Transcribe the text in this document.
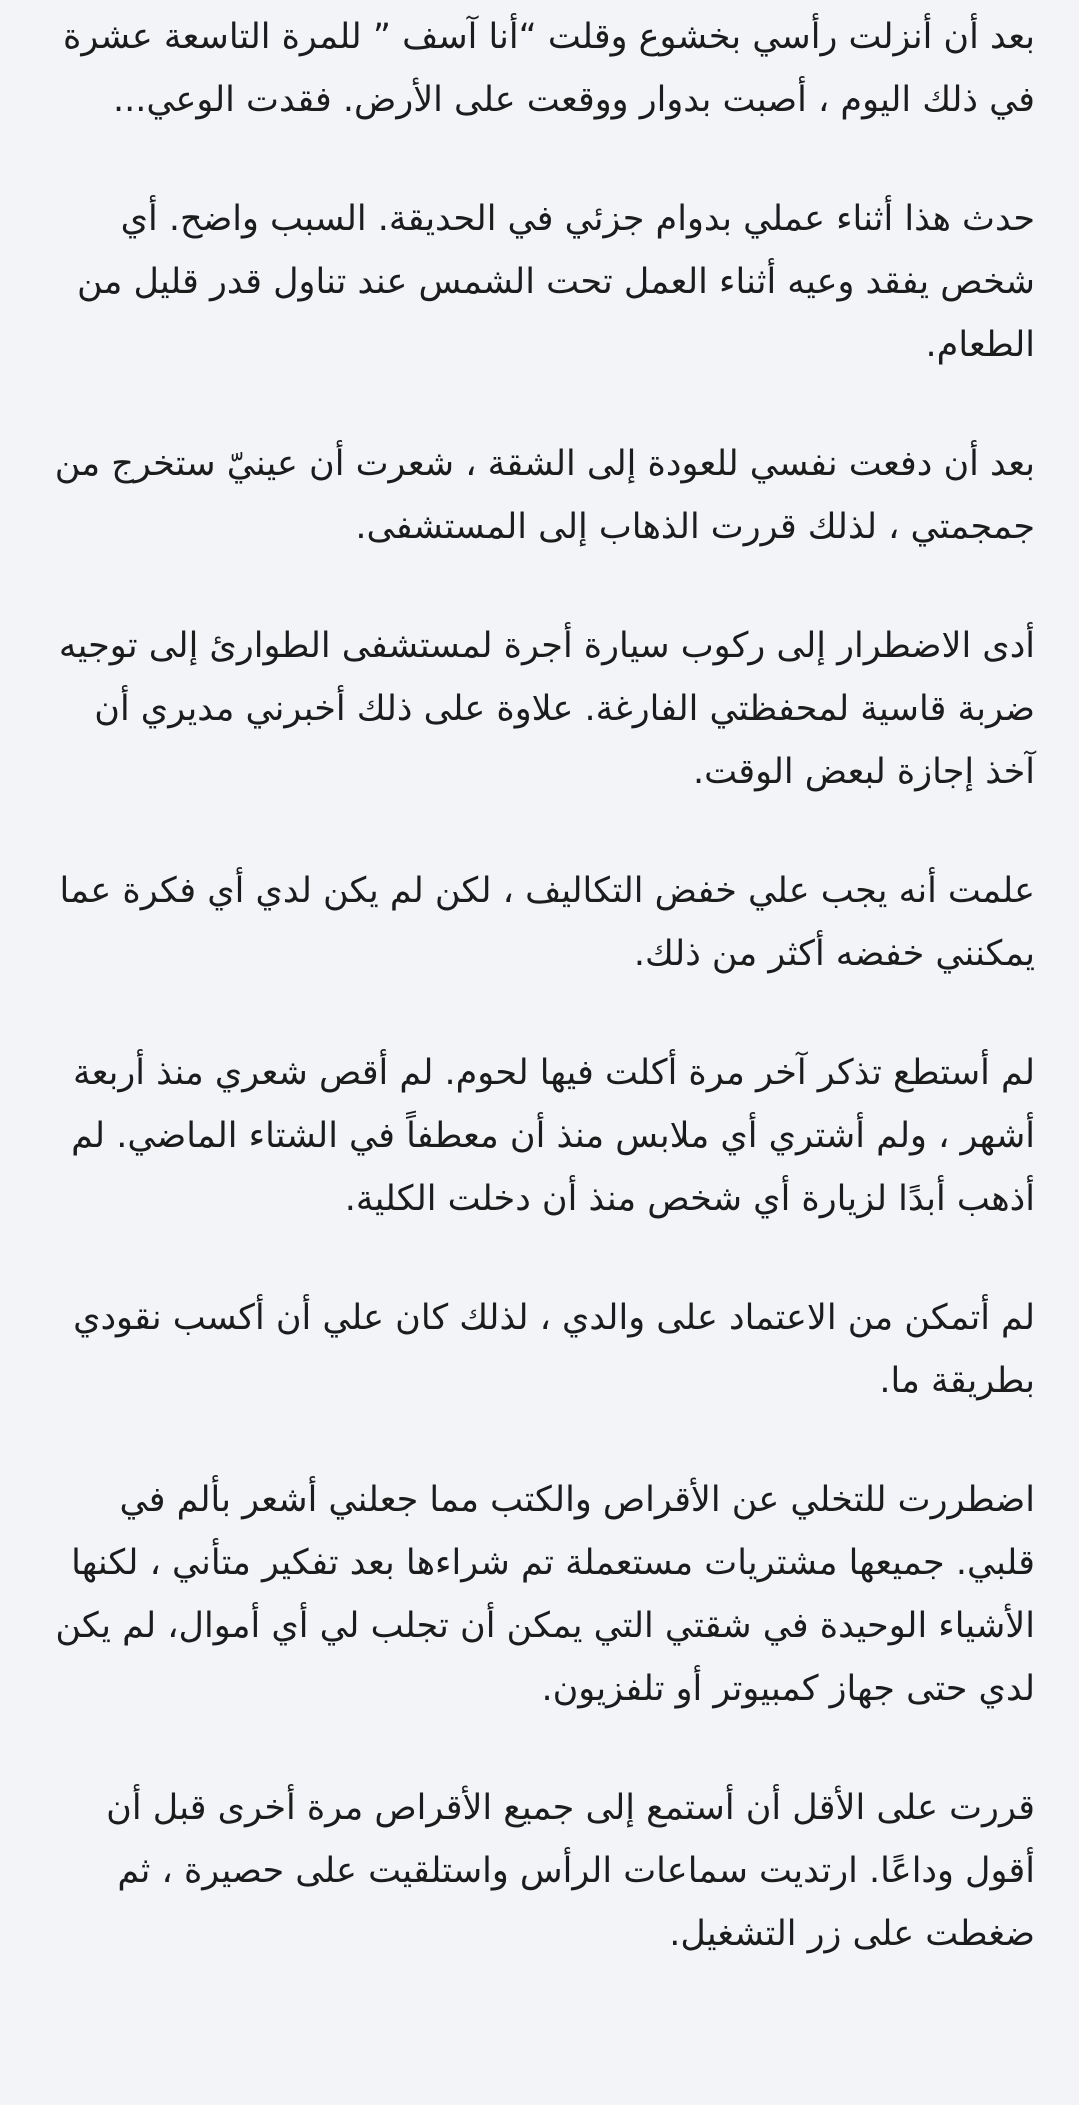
بعد أن أنزلت رأسي بخشوع وقلت “أنا آسف ” للمرة التاسعة عشرة في ذلك اليوم ، أصبت بدوار ووقعت على الأرض. فقدت الوعي...

حدث هذا أثناء عملي بدوام جزئي في الحديقة. السبب واضح. أي شخص يفقد وعيه أثناء العمل تحت الشمس عند تناول قدر قليل من الطعام.

بعد أن دفعت نفسي للعودة إلى الشقة ، شعرت أن عينيّ ستخرج من جمجمتي ، لذلك قررت الذهاب إلى المستشفى.

أدى الاضطرار إلى ركوب سيارة أجرة لمستشفى الطوارئ إلى توجيه ضربة قاسية لمحفظتي الفارغة. علاوة على ذلك أخبرني مديري أن آخذ إجازة لبعض الوقت.

علمت أنه يجب علي خفض التكاليف ، لكن لم يكن لدي أي فكرة عما يمكنني خفضه أكثر من ذلك.

لم أستطع تذكر آخر مرة أكلت فيها لحوم. لم أقص شعري منذ أربعة أشهر ، ولم أشتري أي ملابس منذ أن معطفاً في الشتاء الماضي. لم أذهب أبدًا لزيارة أي شخص منذ أن دخلت الكلية.

لم أتمكن من الاعتماد على والدي ، لذلك كان علي أن أكسب نقودي بطريقة ما.

اضطررت للتخلي عن الأقراص والكتب مما جعلني أشعر بألم في قلبي. جميعها مشتريات مستعملة تم شراءها بعد تفكير متأني ، لكنها الأشياء الوحيدة في شقتي التي يمكن أن تجلب لي أي أموال، لم يكن لدي حتى جهاز كمبيوتر أو تلفزيون.

قررت على الأقل أن أستمع إلى جميع الأقراص مرة أخرى قبل أن أقول وداعًا. ارتديت سماعات الرأس واستلقيت على حصيرة ، ثم ضغطت على زر التشغيل.
